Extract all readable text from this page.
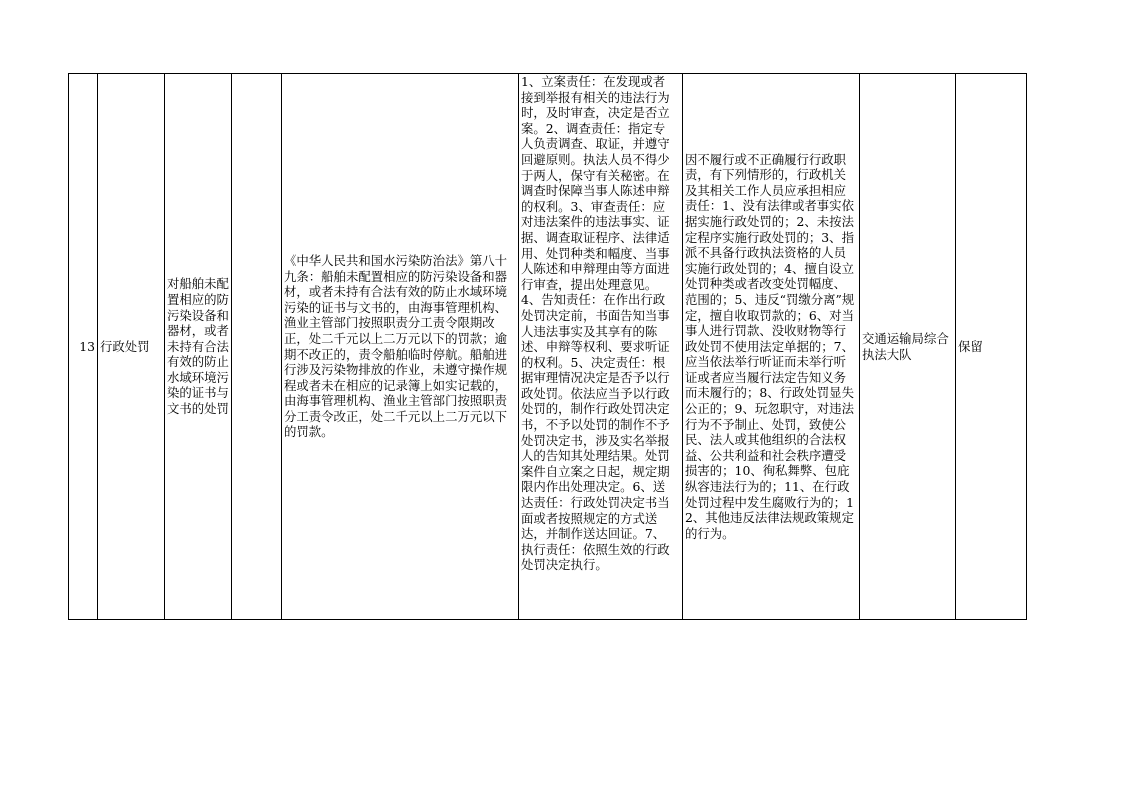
13 行政处罚
对船舶未配置相应的防污染设备和器材，或者未持有合法有效的防止水域环境污染的证书与文书的处罚
《中华人民共和国水污染防治法》第八十九条：船舶未配置相应的防污染设备和器材，或者未持有合法有效的防止水域环境污染的证书与文书的，由海事管理机构、渔业主管部门按照职责分工责令限期改正，处二千元以上二万元以下的罚款；逾期不改正的，责令船舶临时停航。船舶进行涉及污染物排放的作业，未遵守操作规程或者未在相应的记录簿上如实记载的，由海事管理机构、渔业主管部门按照职责分工责令改正，处二千元以上二万元以下的罚款。
1、立案责任：在发现或者接到举报有相关的违法行为时，及时审查，决定是否立案。2、调查责任：指定专人负责调查、取证，并遵守回避原则。执法人员不得少于两人，保守有关秘密。在调查时保障当事人陈述申辩的权利。3、审查责任：应对违法案件的违法事实、证据、调查取证程序、法律适用、处罚种类和幅度、当事人陈述和申辩理由等方面进行审查，提出处理意见。4、告知责任：在作出行政处罚决定前，书面告知当事人违法事实及其享有的陈述、申辩等权利、要求听证的权利。5、决定责任：根据审理情况决定是否予以行政处罚。依法应当予以行政处罚的，制作行政处罚决定书，不予以处罚的制作不予处罚决定书，涉及实名举报人的告知其处理结果。处罚案件自立案之日起，规定期限内作出处理决定。6、送达责任：行政处罚决定书当面或者按照规定的方式送达，并制作送达回证。7、执行责任：依照生效的行政处罚决定执行。
因不履行或不正确履行行政职责，有下列情形的，行政机关及其相关工作人员应承担相应责任：1、没有法律或者事实依据实施行政处罚的；2、未按法定程序实施行政处罚的；3、指派不具备行政执法资格的人员实施行政处罚的；4、擅自设立处罚种类或者改变处罚幅度、范围的；5、违反“罚缴分离”规定，擅自收取罚款的；6、对当事人进行罚款、没收财物等行政处罚不使用法定单据的；7、应当依法举行听证而未举行听证或者应当履行法定告知义务而未履行的；8、行政处罚显失公正的；9、玩忽职守，对违法行为不予制止、处罚，致使公民、法人或其他组织的合法权益、公共利益和社会秩序遭受损害的；10、徇私舞弊、包庇纵容违法行为的；11、在行政处罚过程中发生腐败行为的；12、其他违反法律法规政策规定的行为。
交通运输局综合执法大队
保留
